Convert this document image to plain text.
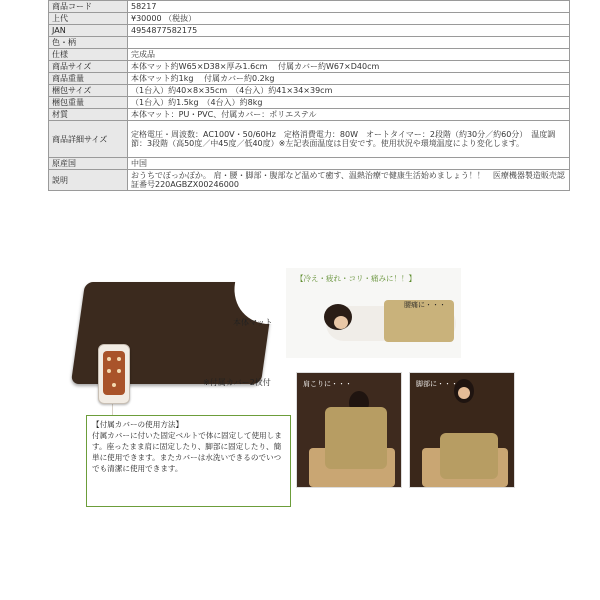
商品コード	58217
上代	¥30000 （税抜）
JAN	4954877582175
色・柄	
仕様	完成品
商品サイズ	本体マット約W65×D38×厚み1.6cm　 付属カバー約W67×D40cm
商品重量	本体マット約1kg　 付属カバー約0.2kg
梱包サイズ	（1台入）約40×8×35cm　（4台入）約41×34×39cm
梱包重量	（1台入）約1.5kg　（4台入）約8kg
材質	本体マット：PU・PVC、付属カバー：ポリエステル
商品詳細サイズ	定格電圧・周波数：AC100V・50/60Hz　定格消費電力：80W　オートタイマー：2段階（約30分／約60分）　温度調節：3段階（高50度／中45度／低40度）※左記表面温度は目安です。使用状況や環境温度により変化します。
原産国	中国
説明	おうちでぽっかぽか。 肩・腰・脚部・腹部など温めて癒す、温熱治療で健康生活始めましょう！！　医療機器製造販売認証番号220AGBZX00246000
本体マット
※付属カバー2枚付
【付属カバーの使用方法】
付属カバーに付いた固定ベルトで体に固定して使用します。座ったまま肩に固定したり、脚部に固定したり、簡単に使用できます。またカバーは水洗いできるのでいつでも清潔に使用できます。
腰痛に・・・
【冷え・疲れ・コリ・痛みに！！】
肩こりに・・・	脚部に・・・
